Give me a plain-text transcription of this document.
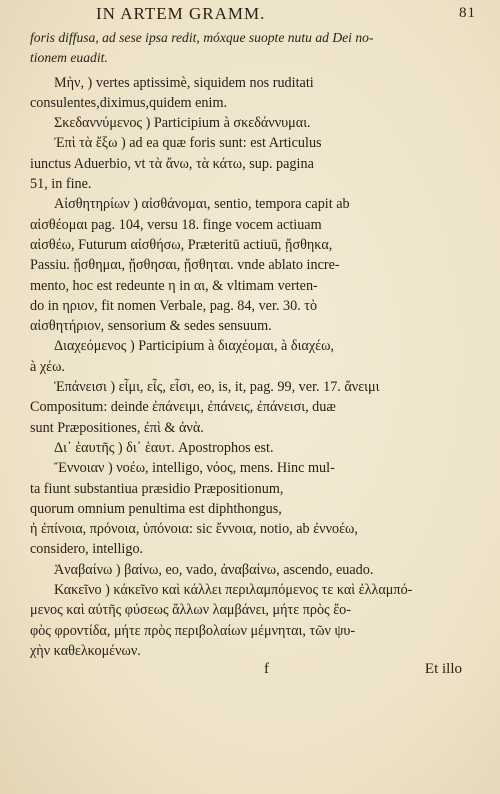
IN ARTEM GRAMM.	81
foris diffusa, ad sese ipsa redit, móxque suopte nutu ad Dei no-
tionem euadit.
Μὴν, ) vertes aptissimè, siquidem nos ruditati
consulentes,diximus,quidem enim.
Σκεδαννύμενος ) Participium à σκεδάννυμαι.
Ἐπὶ τὰ ἔξω ) ad ea quæ foris sunt: est Articulus
iunctus Aduerbio, vt τὰ ἄνω, τὰ κάτω, sup. pagina
51, in fine.
Αἰσθητηρίων ) αἰσθάνομαι, sentio, tempora capit ab
αἰσθέομαι pag. 104, versu 18. finge vocem actiuam
αἰσθέω, Futurum αἰσθήσω, Præteritū actiuū, ᾔσθηκα,
Passiu. ᾔσθημαι, ᾔσθησαι, ᾔσθηται. vnde ablato incre-
mento, hoc est redeunte η in αι, & vltimam verten-
do in ηριον, fit nomen Verbale, pag. 84, ver. 30. τὸ
αἰσθητήριον, sensorium & sedes sensuum.
Διαχεόμενος ) Participium à διαχέομαι, à διαχέω,
à χέω.
Ἐπάνεισι ) εἶμι, εἶς, εἶσι, eo, is, it, pag. 99, ver. 17. ἄνειμι
Compositum: deinde ἐπάνειμι, ἐπάνεις, ἐπάνεισι, duæ
sunt Præpositiones, ἐπὶ & ἀνὰ.
Δι᾽ ἑαυτῆς ) δι᾽ ἑαυτ. Apostrophos est.
Ἔννοιαν ) νοέω, intelligo, νόος, mens. Hinc mul-
ta fiunt substantiua præsidio Præpositionum,
quorum omnium penultima est diphthongus,
ἡ ἐπίνοια, πρόνοια, ὑπόνοια: sic ἔννοια, notio, ab ἐννοέω,
considero, intelligo.
Ἀναβαίνω ) βαίνω, eo, vado, ἀναβαίνω, ascendo, euado.
Κακεῖνο ) κάκεῖνο καὶ κάλλει περιλαμπόμενος τε καὶ ἐλλαμπό-
μενος καὶ αὐτῆς φύσεως ἄλλων λαμβάνει, μήτε πρὸς ἔο-
φὸς φροντίδα, μήτε πρὸς περιβολαίων μέμνηται, τῶν ψυ-
χὴν καθελκομένων.
f	Et illo
